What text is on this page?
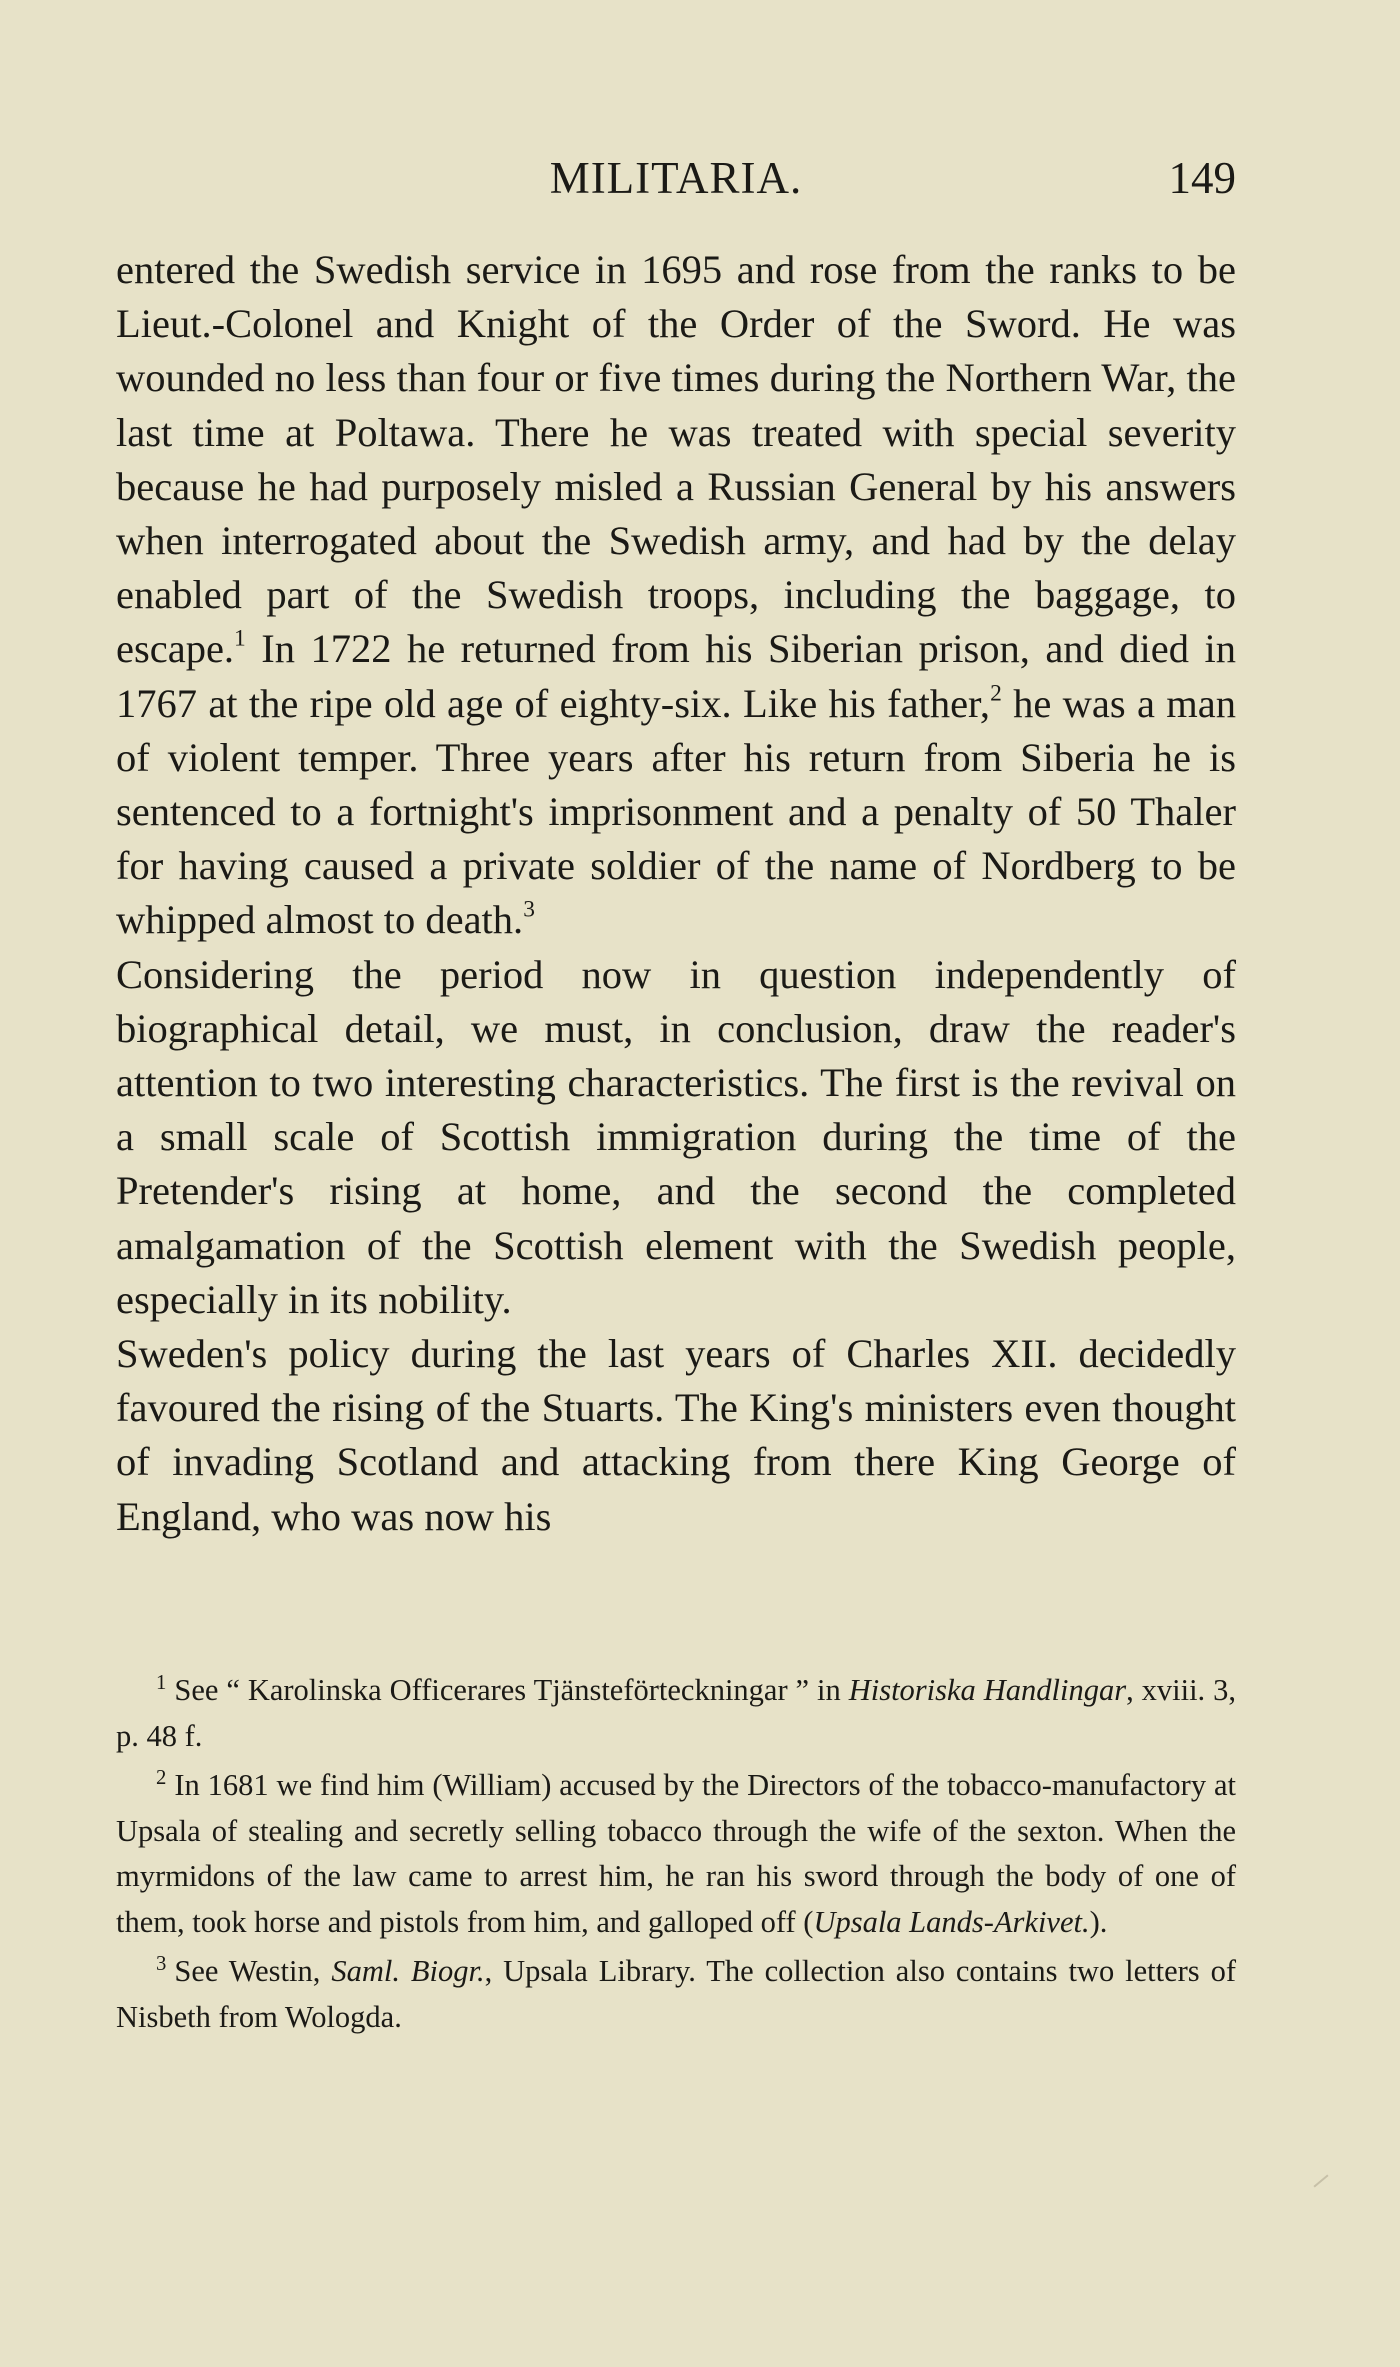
MILITARIA.	149

entered the Swedish service in 1695 and rose from the ranks to be Lieut.-Colonel and Knight of the Order of the Sword. He was wounded no less than four or five times during the Northern War, the last time at Poltawa. There he was treated with special severity because he had purposely misled a Russian General by his answers when interrogated about the Swedish army, and had by the delay enabled part of the Swedish troops, including the baggage, to escape.$^1$ In 1722 he returned from his Siberian prison, and died in 1767 at the ripe old age of eighty-six. Like his father,$^2$ he was a man of violent temper. Three years after his return from Siberia he is sentenced to a fortnight's imprisonment and a penalty of 50 Thaler for having caused a private soldier of the name of Nordberg to be whipped almost to death.$^3$

Considering the period now in question independently of biographical detail, we must, in conclusion, draw the reader's attention to two interesting characteristics. The first is the revival on a small scale of Scottish immigration during the time of the Pretender's rising at home, and the second the completed amalgamation of the Scottish element with the Swedish people, especially in its nobility.

Sweden's policy during the last years of Charles XII. decidedly favoured the rising of the Stuarts. The King's ministers even thought of invading Scotland and attacking from there King George of England, who was now his

$^1$ See “ Karolinska Officerares Tjänsteförteckningar ” in Historiska Handlingar, xviii. 3, p. 48 f.

$^2$ In 1681 we find him (William) accused by the Directors of the tobacco-manufactory at Upsala of stealing and secretly selling tobacco through the wife of the sexton. When the myrmidons of the law came to arrest him, he ran his sword through the body of one of them, took horse and pistols from him, and galloped off (Upsala Lands-Arkivet.).

$^3$ See Westin, Saml. Biogr., Upsala Library. The collection also contains two letters of Nisbeth from Wologda.
